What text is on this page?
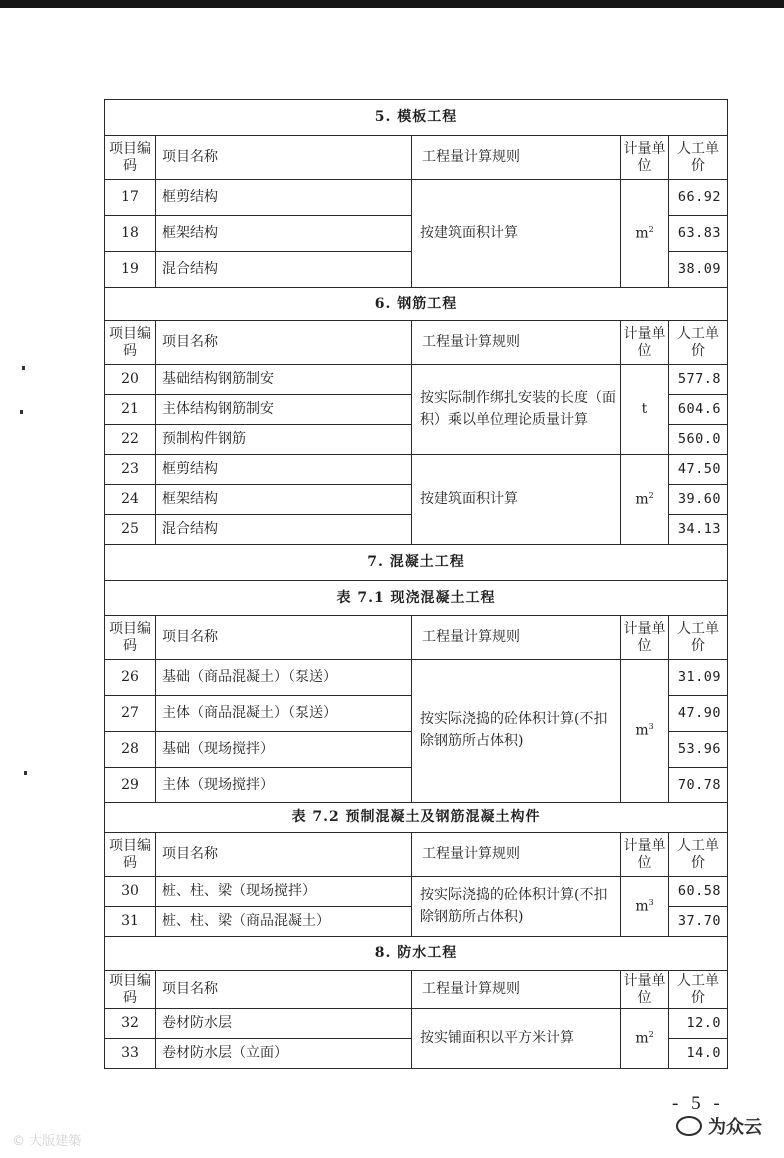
5. 模板工程				
项目编码	项目名称	工程量计算规则	计量单位	人工单价
17	框剪结构	按建筑面积计算	$m^2$	66.92
18	框架结构			63.83
19	混合结构			38.09
6. 钢筋工程				
项目编码	项目名称	工程量计算规则	计量单位	人工单价
20	基础结构钢筋制安	按实际制作绑扎安装的长度（面积）乘以单位理论质量计算	t	577.8
21	主体结构钢筋制安			604.6
22	预制构件钢筋			560.0
23	框剪结构	按建筑面积计算	$m^2$	47.50
24	框架结构			39.60
25	混合结构			34.13
7. 混凝土工程				
表 7.1 现浇混凝土工程				
项目编码	项目名称	工程量计算规则	计量单位	人工单价
26	基础（商品混凝土）（泵送）	按实际浇捣的砼体积计算(不扣除钢筋所占体积)	$m^3$	31.09
27	主体（商品混凝土）（泵送）			47.90
28	基础（现场搅拌）			53.96
29	主体（现场搅拌）			70.78
表 7.2 预制混凝土及钢筋混凝土构件				
项目编码	项目名称	工程量计算规则	计量单位	人工单价
30	桩、柱、梁（现场搅拌）	按实际浇捣的砼体积计算(不扣除钢筋所占体积)	$m^3$	60.58
31	桩、柱、梁（商品混凝土）			37.70
8. 防水工程				
项目编码	项目名称	工程量计算规则	计量单位	人工单价
32	卷材防水层	按实铺面积以平方米计算	$m^2$	12.0
33	卷材防水层（立面）			14.0
- 5 -
© 大版建築
为众云
